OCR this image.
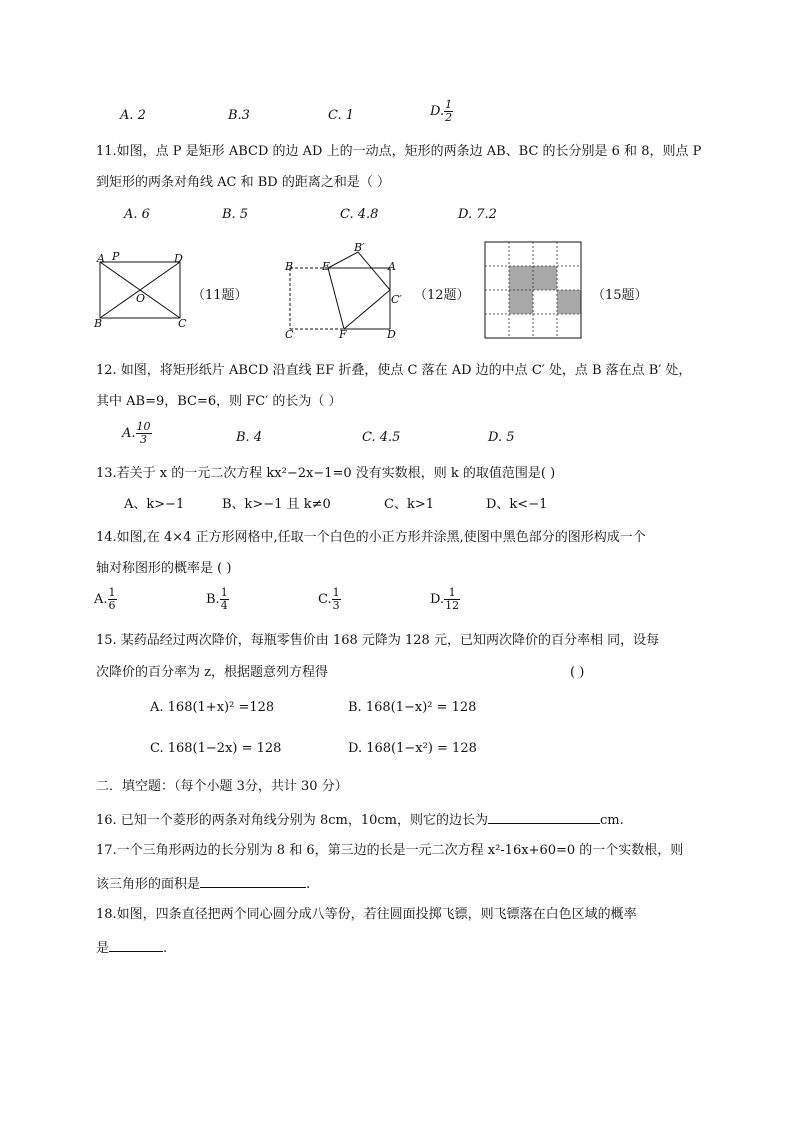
A. 2	B.3	C. 1	D. $\frac{1}{2}$
11.如图，点 P 是矩形 ABCD 的边 AD 上的一动点，矩形的两条边 AB、BC 的长分别是 6 和 8，则点 P
到矩形的两条对角线 AC 和 BD 的距离之和是（ ）
A. 6	B. 5	C. 4.8	D. 7.2
A P	D
O
B	C
（11题）
B	E
B′
A
C′
C	F	D
（12题）	（15题）
12. 如图，将矩形纸片 ABCD 沿直线 EF 折叠，使点 C 落在 AD 边的中点 C′ 处，点 B 落在点 B′ 处，
其中 AB=9，BC=6，则 FC′ 的长为（ ）
A. $\frac{10}{3}$	B. 4	C. 4.5	D. 5
13.若关于 x 的一元二次方程 kx²−2x−1=0 没有实数根，则 k 的取值范围是( )
A、k>−1	B、k>−1 且 k≠0	C、k>1	D、k<−1
14.如图,在 4×4 正方形网格中,任取一个白色的小正方形并涂黑,使图中黑色部分的图形构成一个
轴对称图形的概率是 ( )
A. $\frac{1}{6}$	B. $\frac{1}{4}$	C. $\frac{1}{3}$	D. $\frac{1}{12}$
15. 某药品经过两次降价，每瓶零售价由 168 元降为 128 元，已知两次降价的百分率相 同，设每
次降价的百分率为 z，根据题意列方程得	( )
A. 168(1+x)² =128	B. 168(1−x)² = 128
C. 168(1−2x) = 128	D. 168(1−x²) = 128
二．填空题：（每个小题 3分，共计 30 分）
16. 已知一个菱形的两条对角线分别为 8cm，10cm，则它的边长为	cm.
17.一个三角形两边的长分别为 8 和 6，第三边的长是一元二次方程 x²-16x+60=0 的一个实数根，则
该三角形的面积是	.
18.如图，四条直径把两个同心圆分成八等份，若往圆面投掷飞镖，则飞镖落在白色区域的概率
是	.
